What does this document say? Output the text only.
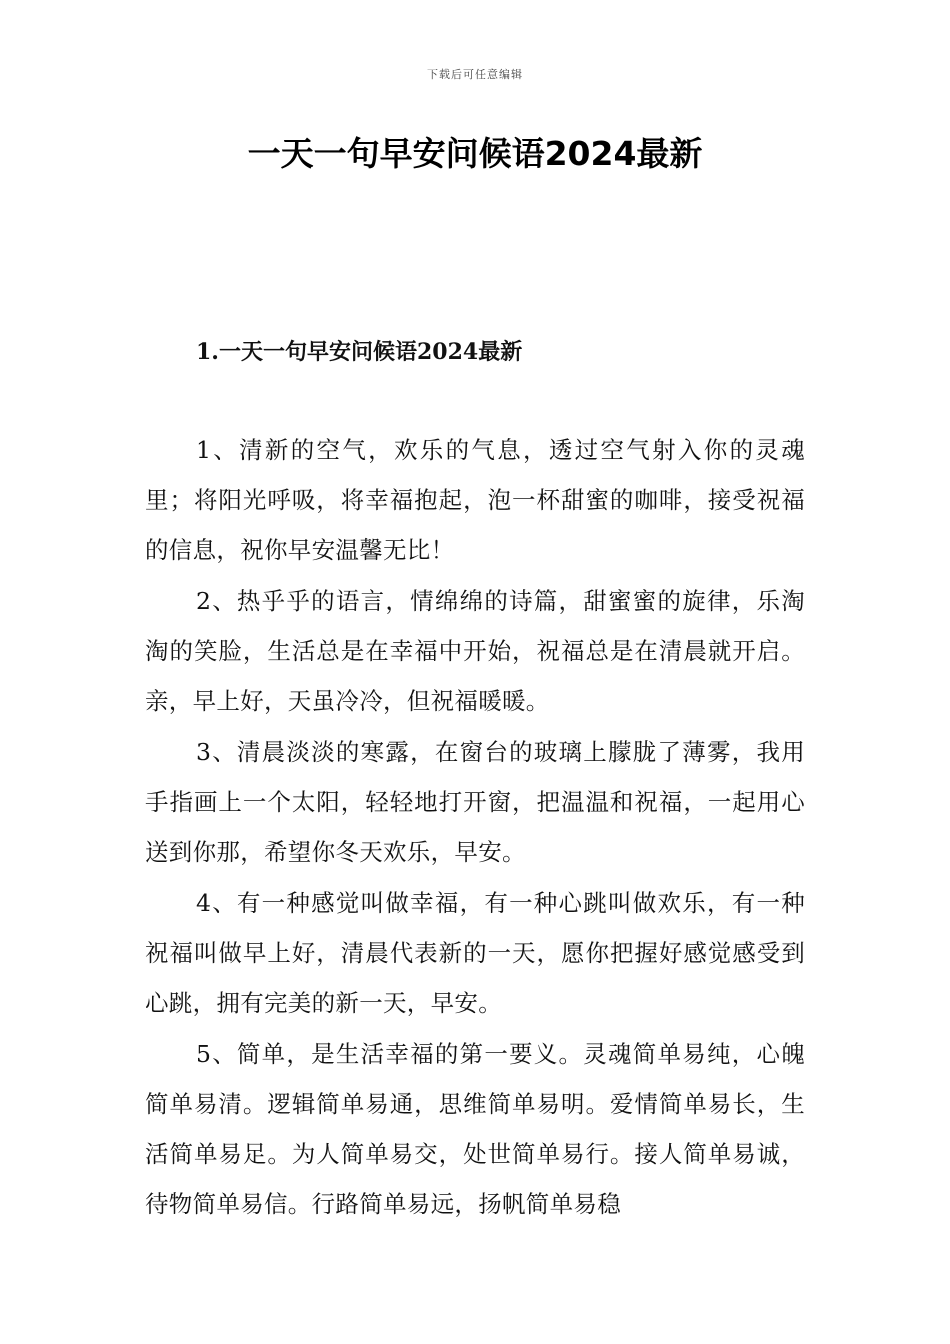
下载后可任意编辑
一天一句早安问候语2024最新
1.一天一句早安问候语2024最新

1、清新的空气，欢乐的气息，透过空气射入你的灵魂里；将阳光呼吸，将幸福抱起，泡一杯甜蜜的咖啡，接受祝福的信息，祝你早安温馨无比！

2、热乎乎的语言，情绵绵的诗篇，甜蜜蜜的旋律，乐淘淘的笑脸，生活总是在幸福中开始，祝福总是在清晨就开启。亲，早上好，天虽冷冷，但祝福暖暖。

3、清晨淡淡的寒露，在窗台的玻璃上朦胧了薄雾，我用手指画上一个太阳，轻轻地打开窗，把温温和祝福，一起用心送到你那，希望你冬天欢乐，早安。

4、有一种感觉叫做幸福，有一种心跳叫做欢乐，有一种祝福叫做早上好，清晨代表新的一天，愿你把握好感觉感受到心跳，拥有完美的新一天，早安。

5、简单，是生活幸福的第一要义。灵魂简单易纯，心魄简单易清。逻辑简单易通，思维简单易明。爱情简单易长，生活简单易足。为人简单易交，处世简单易行。接人简单易诚，待物简单易信。行路简单易远，扬帆简单易稳
